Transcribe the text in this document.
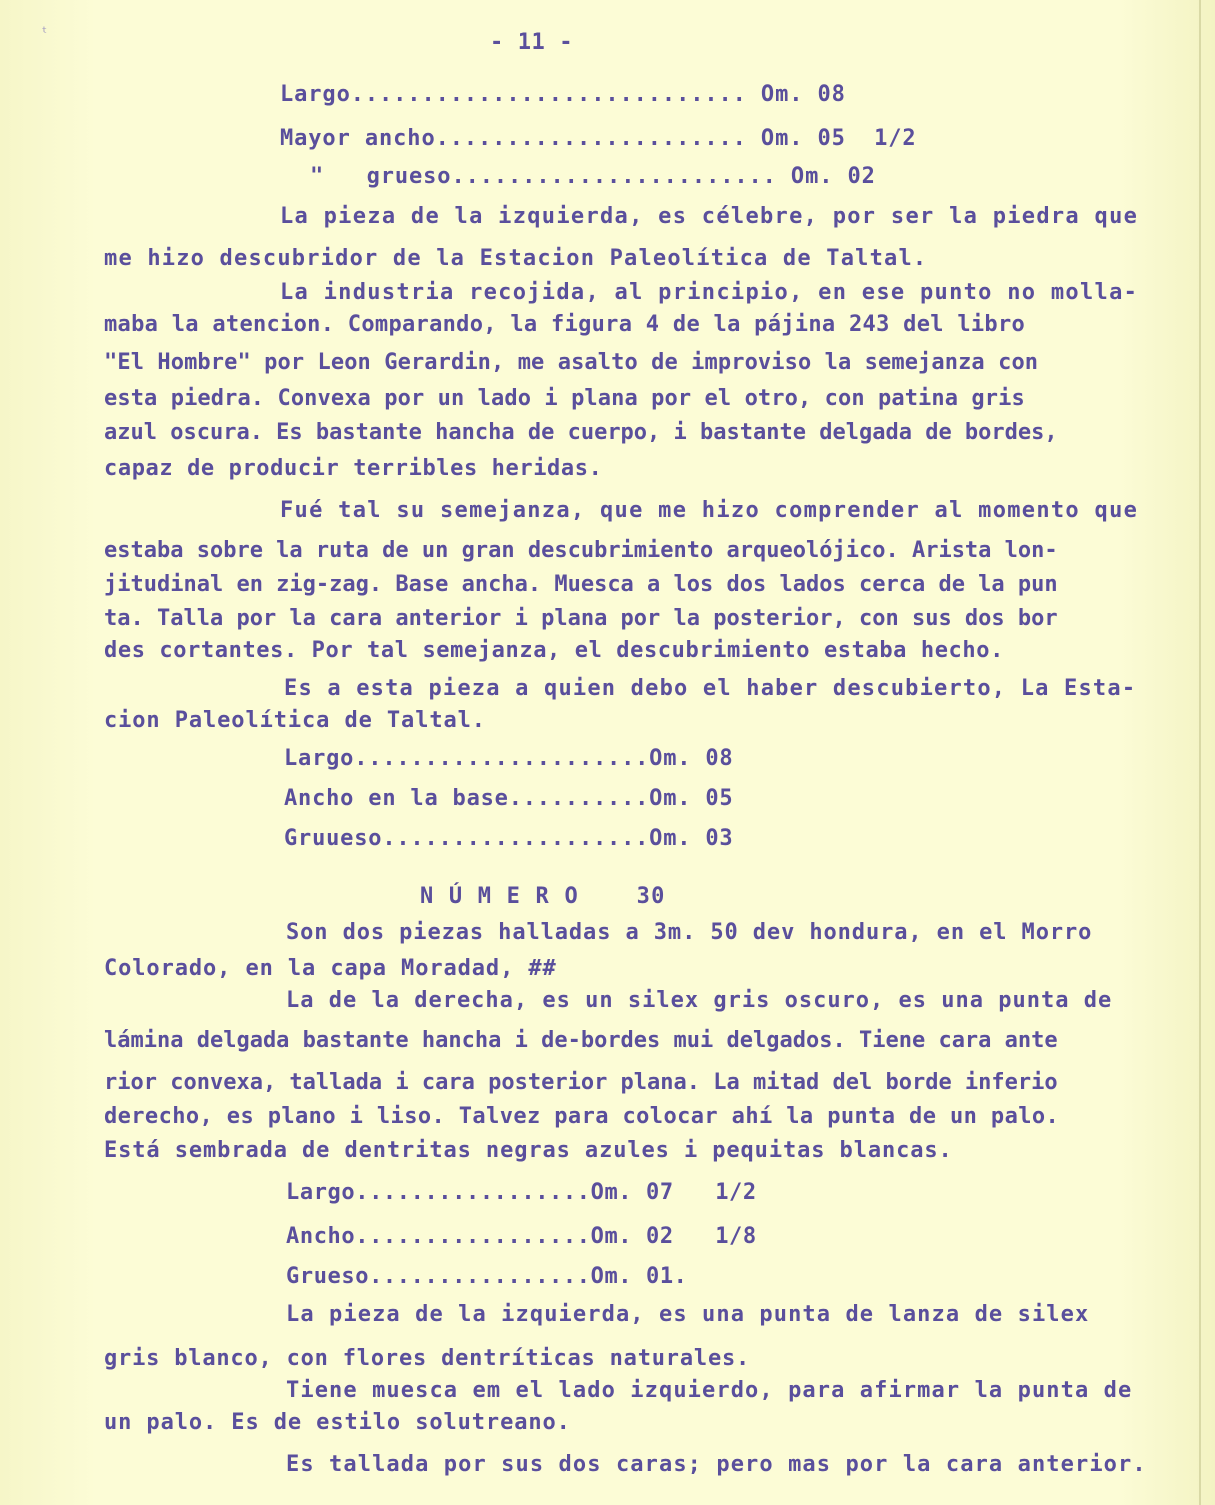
ᵗ	- 11 -
Largo............................ Om. 08
Mayor ancho...................... Om. 05  1/2
"   grueso....................... Om. 02
La pieza de la izquierda, es célebre, por ser la piedra que
me hizo descubridor de la Estacion Paleolítica de Taltal.
La industria recojida, al principio, en ese punto no molla-
maba la atencion. Comparando, la figura 4 de la pájina 243 del libro
"El Hombre" por Leon Gerardin, me asalto de improviso la semejanza con
esta piedra. Convexa por un lado i plana por el otro, con patina gris
azul oscura. Es bastante hancha de cuerpo, i bastante delgada de bordes,
capaz de producir terribles heridas.
Fué tal su semejanza, que me hizo comprender al momento que
estaba sobre la ruta de un gran descubrimiento arqueolójico. Arista lon-
jitudinal en zig-zag. Base ancha. Muesca a los dos lados cerca de la pun
ta. Talla por la cara anterior i plana por la posterior, con sus dos bor
des cortantes. Por tal semejanza, el descubrimiento estaba hecho.
Es a esta pieza a quien debo el haber descubierto, La Esta-
cion Paleolítica de Taltal.
Largo.....................Om. 08
Ancho en la base..........Om. 05
Gruueso...................Om. 03
N Ú M E R O    30
Son dos piezas halladas a 3m. 50 dev hondura, en el Morro
Colorado, en la capa Moradad, ##
La de la derecha, es un silex gris oscuro, es una punta de
lámina delgada bastante hancha i de-bordes mui delgados. Tiene cara ante
rior convexa, tallada i cara posterior plana. La mitad del borde inferio
derecho, es plano i liso. Talvez para colocar ahí la punta de un palo.
Está sembrada de dentritas negras azules i pequitas blancas.
Largo.................Om. 07   1/2
Ancho.................Om. 02   1/8
Grueso................Om. 01.
La pieza de la izquierda, es una punta de lanza de silex
gris blanco, con flores dentríticas naturales.
Tiene muesca em el lado izquierdo, para afirmar la punta de
un palo. Es de estilo solutreano.
Es tallada por sus dos caras; pero mas por la cara anterior.
